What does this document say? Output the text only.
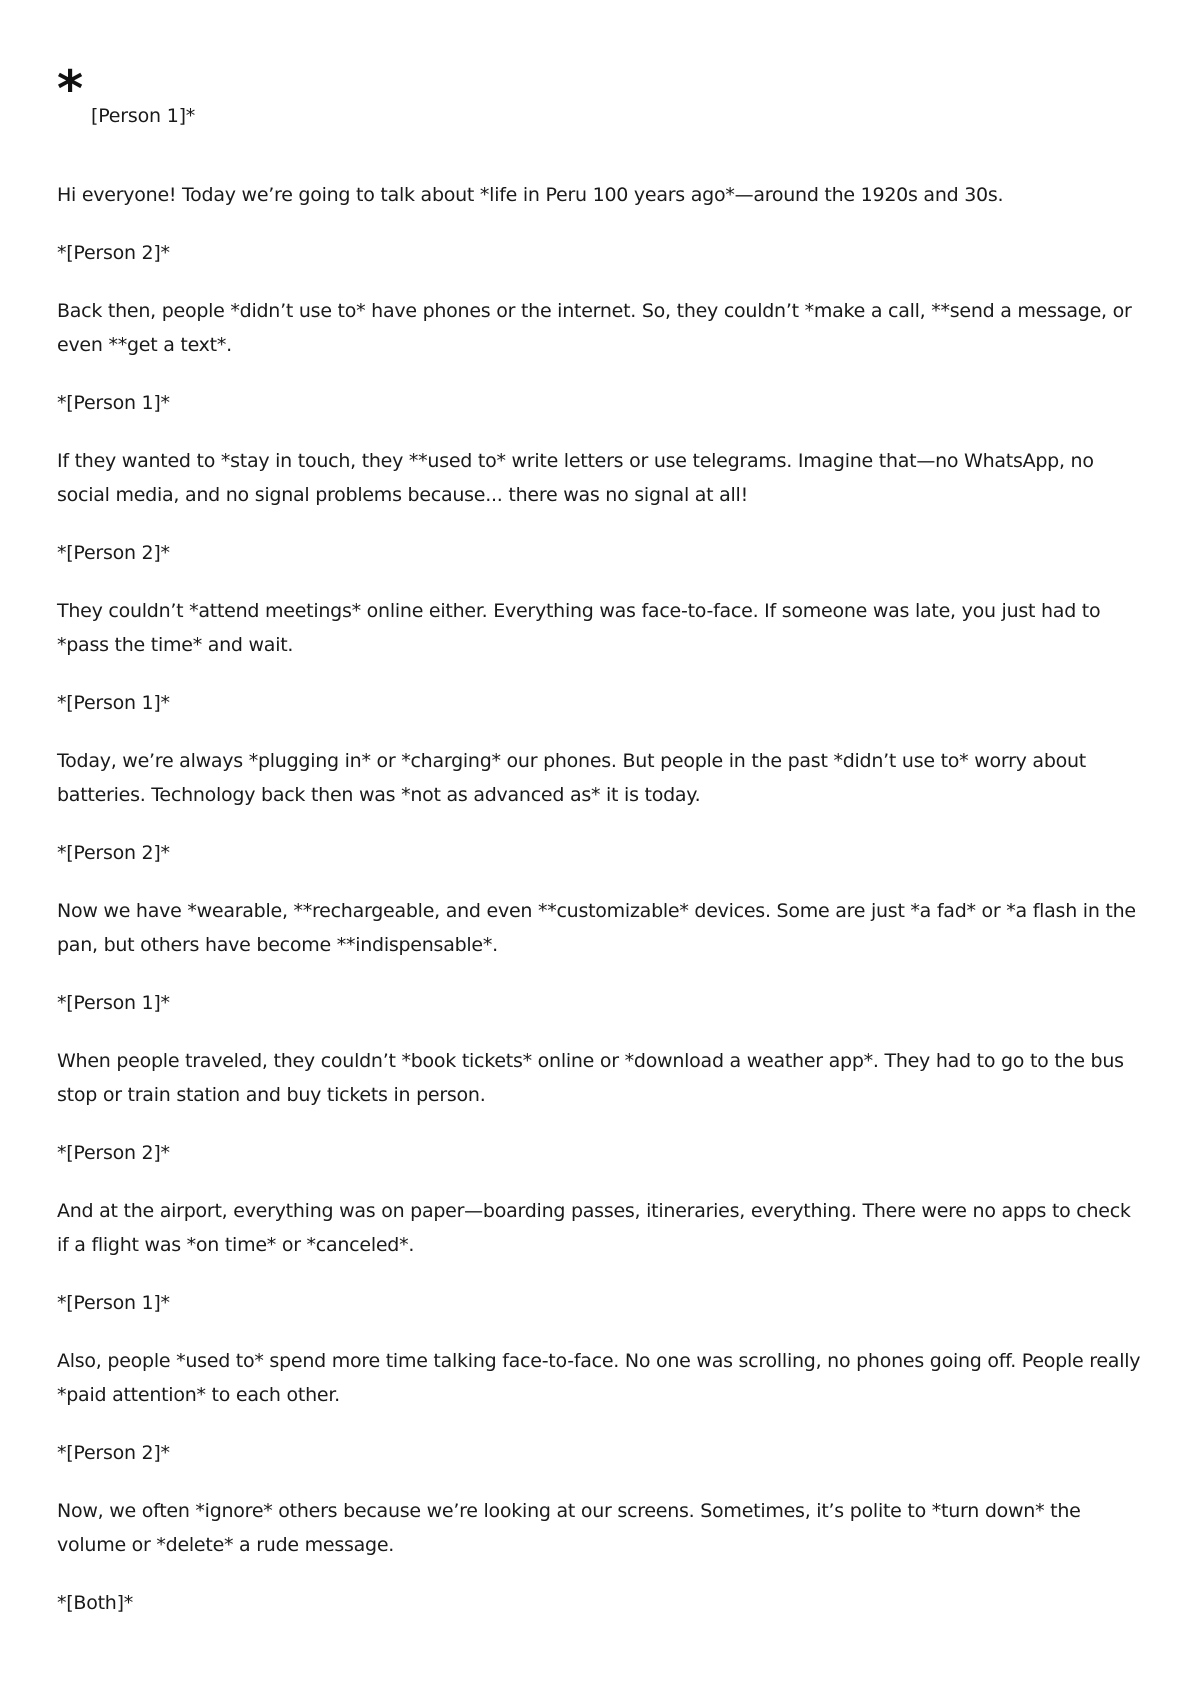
* [Person 1]*

Hi everyone! Today we’re going to talk about *life in Peru 100 years ago*—around the 1920s and 30s.

*[Person 2]*

Back then, people *didn’t use to* have phones or the internet. So, they couldn’t *make a call, **send a message, or even **get a text*.

*[Person 1]*

If they wanted to *stay in touch, they **used to* write letters or use telegrams. Imagine that—no WhatsApp, no social media, and no signal problems because... there was no signal at all!

*[Person 2]*

They couldn’t *attend meetings* online either. Everything was face-to-face. If someone was late, you just had to *pass the time* and wait.

*[Person 1]*

Today, we’re always *plugging in* or *charging* our phones. But people in the past *didn’t use to* worry about batteries. Technology back then was *not as advanced as* it is today.

*[Person 2]*

Now we have *wearable, **rechargeable, and even **customizable* devices. Some are just *a fad* or *a flash in the pan, but others have become **indispensable*.

*[Person 1]*

When people traveled, they couldn’t *book tickets* online or *download a weather app*. They had to go to the bus stop or train station and buy tickets in person.

*[Person 2]*

And at the airport, everything was on paper—boarding passes, itineraries, everything. There were no apps to check if a flight was *on time* or *canceled*.

*[Person 1]*

Also, people *used to* spend more time talking face-to-face. No one was scrolling, no phones going off. People really *paid attention* to each other.

*[Person 2]*

Now, we often *ignore* others because we’re looking at our screens. Sometimes, it’s polite to *turn down* the volume or *delete* a rude message.

*[Both]*
